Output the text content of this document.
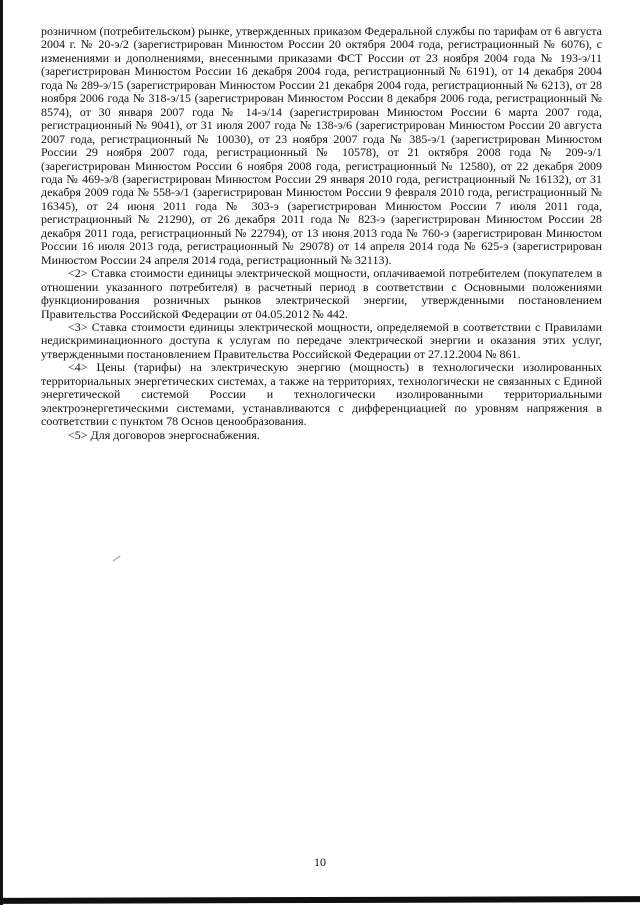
розничном (потребительском) рынке, утвержденных приказом Федеральной службы по тарифам от 6 августа 2004 г. № 20-э/2 (зарегистрирован Минюстом России 20 октября 2004 года, регистрационный № 6076), с изменениями и дополнениями, внесенными приказами ФСТ России от 23 ноября 2004 года № 193-э/11 (зарегистрирован Минюстом России 16 декабря 2004 года, регистрационный № 6191), от 14 декабря 2004 года № 289-э/15 (зарегистрирован Минюстом России 21 декабря 2004 года, регистрационный № 6213), от 28 ноября 2006 года № 318-э/15 (зарегистрирован Минюстом России 8 декабря 2006 года, регистрационный № 8574), от 30 января 2007 года № 14-э/14 (зарегистрирован Минюстом России 6 марта 2007 года, регистрационный № 9041), от 31 июля 2007 года № 138-э/6 (зарегистрирован Минюстом России 20 августа 2007 года, регистрационный № 10030), от 23 ноября 2007 года № 385-э/1 (зарегистрирован Минюстом России 29 ноября 2007 года, регистрационный № 10578), от 21 октября 2008 года № 209-э/1 (зарегистрирован Минюстом России 6 ноября 2008 года, регистрационный № 12580), от 22 декабря 2009 года № 469-э/8 (зарегистрирован Минюстом России 29 января 2010 года, регистрационный № 16132), от 31 декабря 2009 года № 558-э/1 (зарегистрирован Минюстом России 9 февраля 2010 года, регистрационный № 16345), от 24 июня 2011 года № 303-э (зарегистрирован Минюстом России 7 июля 2011 года, регистрационный № 21290), от 26 декабря 2011 года № 823-э (зарегистрирован Минюстом России 28 декабря 2011 года, регистрационный № 22794), от 13 июня 2013 года № 760-э (зарегистрирован Минюстом России 16 июля 2013 года, регистрационный № 29078) от 14 апреля 2014 года № 625-э (зарегистрирован Минюстом России 24 апреля 2014 года, регистрационный № 32113).

<2> Ставка стоимости единицы электрической мощности, оплачиваемой потребителем (покупателем в отношении указанного потребителя) в расчетный период в соответствии с Основными положениями функционирования розничных рынков электрической энергии, утвержденными постановлением Правительства Российской Федерации от 04.05.2012 № 442.

<3> Ставка стоимости единицы электрической мощности, определяемой в соответствии с Правилами недискриминационного доступа к услугам по передаче электрической энергии и оказания этих услуг, утвержденными постановлением Правительства Российской Федерации от 27.12.2004 № 861.

<4> Цены (тарифы) на электрическую энергию (мощность) в технологически изолированных территориальных энергетических системах, а также на территориях, технологически не связанных с Единой энергетической системой России и технологически изолированными территориальными электроэнергетическими системами, устанавливаются с дифференциацией по уровням напряжения в соответствии с пунктом 78 Основ ценообразования.

<5> Для договоров энергоснабжения.

10
